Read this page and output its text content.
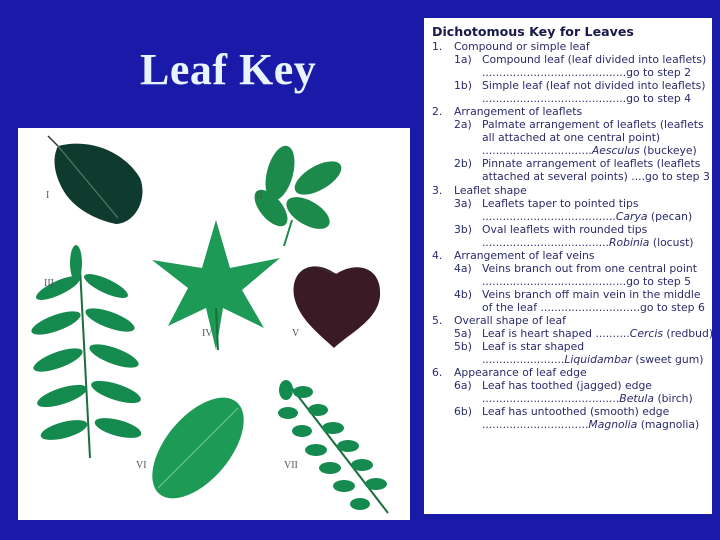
Leaf Key
I	II
III
IV	V
VI	VII
Dichotomous Key for Leaves
1. Compound or simple leaf
1a) Compound leaf (leaf divided into leaflets)
..........................................go to step 2
1b) Simple leaf (leaf not divided into leaflets)
..........................................go to step 4
2. Arrangement of leaflets
2a) Palmate arrangement of leaflets (leaflets
all attached at one central point)
................................Aesculus (buckeye)
2b) Pinnate arrangement of leaflets (leaflets
attached at several points) ....go to step 3
3. Leaflet shape
3a) Leaflets taper to pointed tips
.......................................Carya (pecan)
3b) Oval leaflets with rounded tips
.....................................Robinia (locust)
4. Arrangement of leaf veins
4a) Veins branch out from one central point
..........................................go to step 5
4b) Veins branch off main vein in the middle
of the leaf .............................go to step 6
5. Overall shape of leaf
5a) Leaf is heart shaped ..........Cercis (redbud)
5b) Leaf is star shaped
........................Liquidambar (sweet gum)
6. Appearance of leaf edge
6a) Leaf has toothed (jagged) edge
........................................Betula (birch)
6b) Leaf has untoothed (smooth) edge
...............................Magnolia (magnolia)
